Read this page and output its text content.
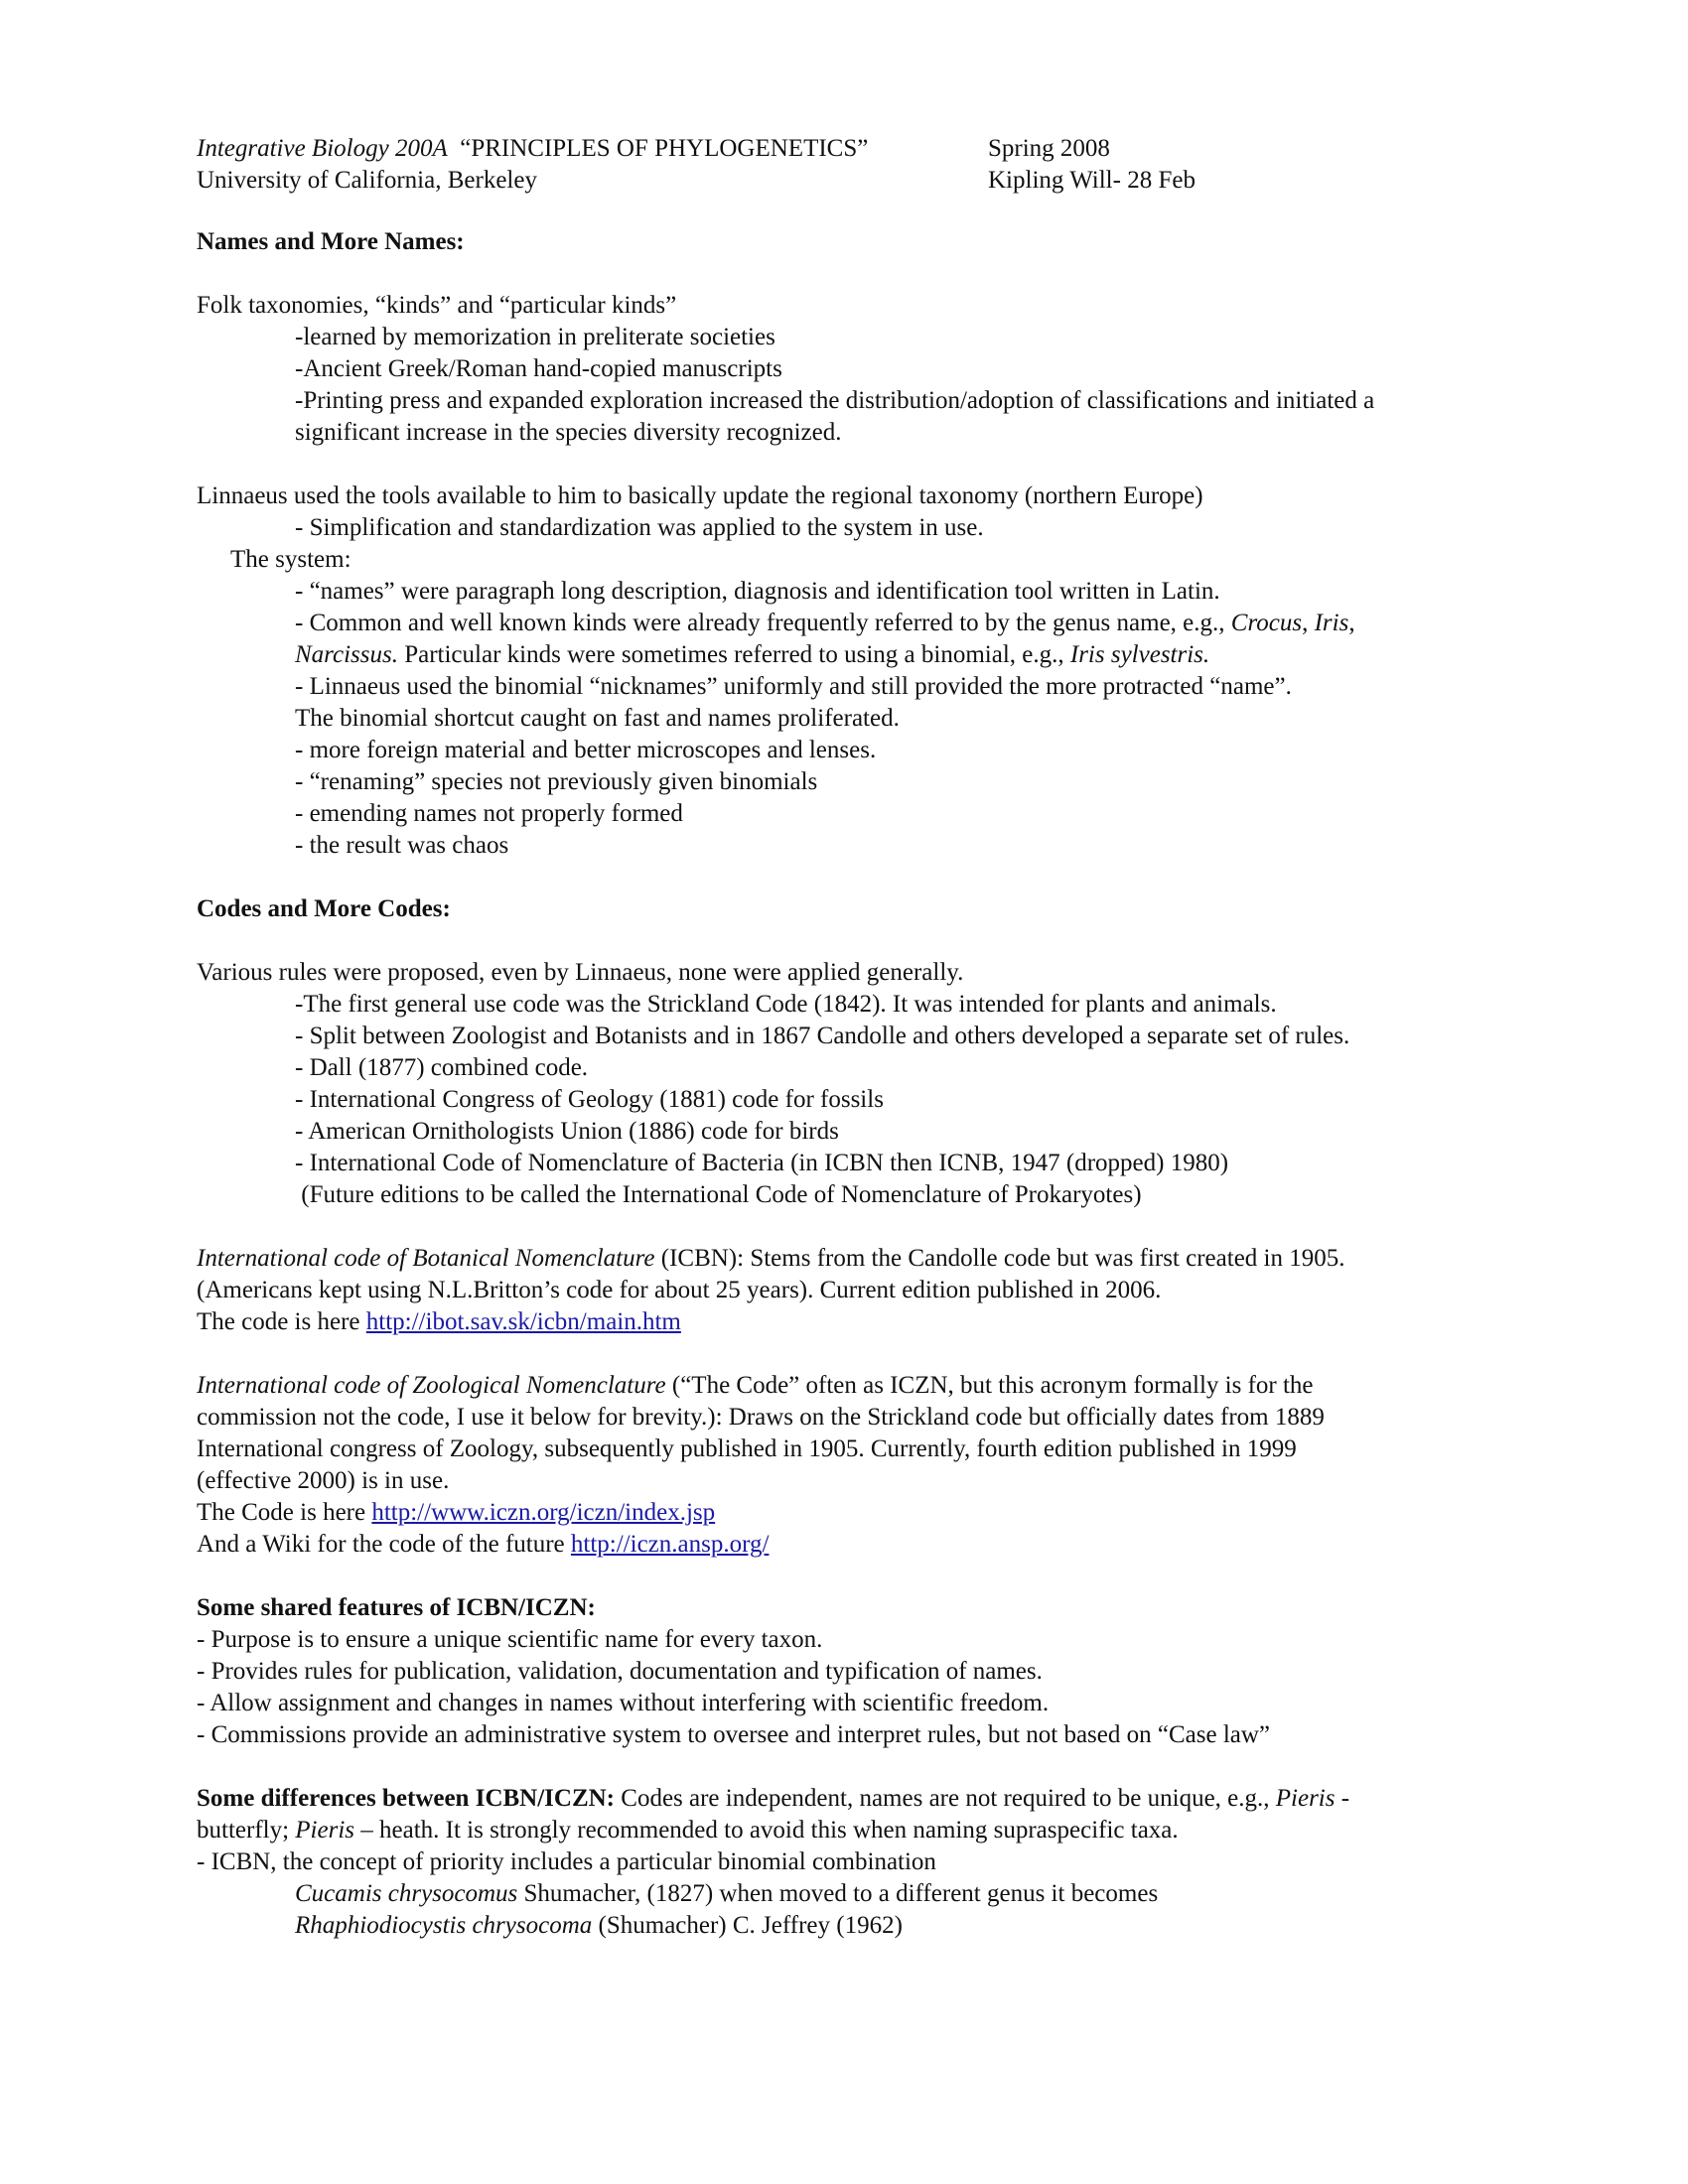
Integrative Biology 200A “PRINCIPLES OF PHYLOGENETICS”	Spring 2008
University of California, Berkeley	Kipling Will- 28 Feb

Names and More Names:

Folk taxonomies, “kinds” and “particular kinds”

-learned by memorization in preliterate societies

-Ancient Greek/Roman hand-copied manuscripts

-Printing press and expanded exploration increased the distribution/adoption of classifications and initiated a

significant increase in the species diversity recognized.

Linnaeus used the tools available to him to basically update the regional taxonomy (northern Europe)

- Simplification and standardization was applied to the system in use.

The system:

- “names” were paragraph long description, diagnosis and identification tool written in Latin.

- Common and well known kinds were already frequently referred to by the genus name, e.g., Crocus, Iris,

Narcissus. Particular kinds were sometimes referred to using a binomial, e.g., Iris sylvestris.

- Linnaeus used the binomial “nicknames” uniformly and still provided the more protracted “name”.

The binomial shortcut caught on fast and names proliferated.

- more foreign material and better microscopes and lenses.

- “renaming” species not previously given binomials

- emending names not properly formed

- the result was chaos

Codes and More Codes:

Various rules were proposed, even by Linnaeus, none were applied generally.

-The first general use code was the Strickland Code (1842). It was intended for plants and animals.

- Split between Zoologist and Botanists and in 1867 Candolle and others developed a separate set of rules.

- Dall (1877) combined code.

- International Congress of Geology (1881) code for fossils

- American Ornithologists Union (1886) code for birds

- International Code of Nomenclature of Bacteria (in ICBN then ICNB, 1947 (dropped) 1980)

(Future editions to be called the International Code of Nomenclature of Prokaryotes)

International code of Botanical Nomenclature (ICBN): Stems from the Candolle code but was first created in 1905.

(Americans kept using N.L.Britton’s code for about 25 years). Current edition published in 2006.

The code is here http://ibot.sav.sk/icbn/main.htm

International code of Zoological Nomenclature (“The Code” often as ICZN, but this acronym formally is for the

commission not the code, I use it below for brevity.): Draws on the Strickland code but officially dates from 1889

International congress of Zoology, subsequently published in 1905. Currently, fourth edition published in 1999

(effective 2000) is in use.

The Code is here http://www.iczn.org/iczn/index.jsp

And a Wiki for the code of the future http://iczn.ansp.org/

Some shared features of ICBN/ICZN:

- Purpose is to ensure a unique scientific name for every taxon.

- Provides rules for publication, validation, documentation and typification of names.

- Allow assignment and changes in names without interfering with scientific freedom.

- Commissions provide an administrative system to oversee and interpret rules, but not based on “Case law”

Some differences between ICBN/ICZN: Codes are independent, names are not required to be unique, e.g., Pieris -

butterfly; Pieris – heath. It is strongly recommended to avoid this when naming supraspecific taxa.

- ICBN, the concept of priority includes a particular binomial combination

Cucamis chrysocomus Shumacher, (1827) when moved to a different genus it becomes

Rhaphiodiocystis chrysocoma (Shumacher) C. Jeffrey (1962)
